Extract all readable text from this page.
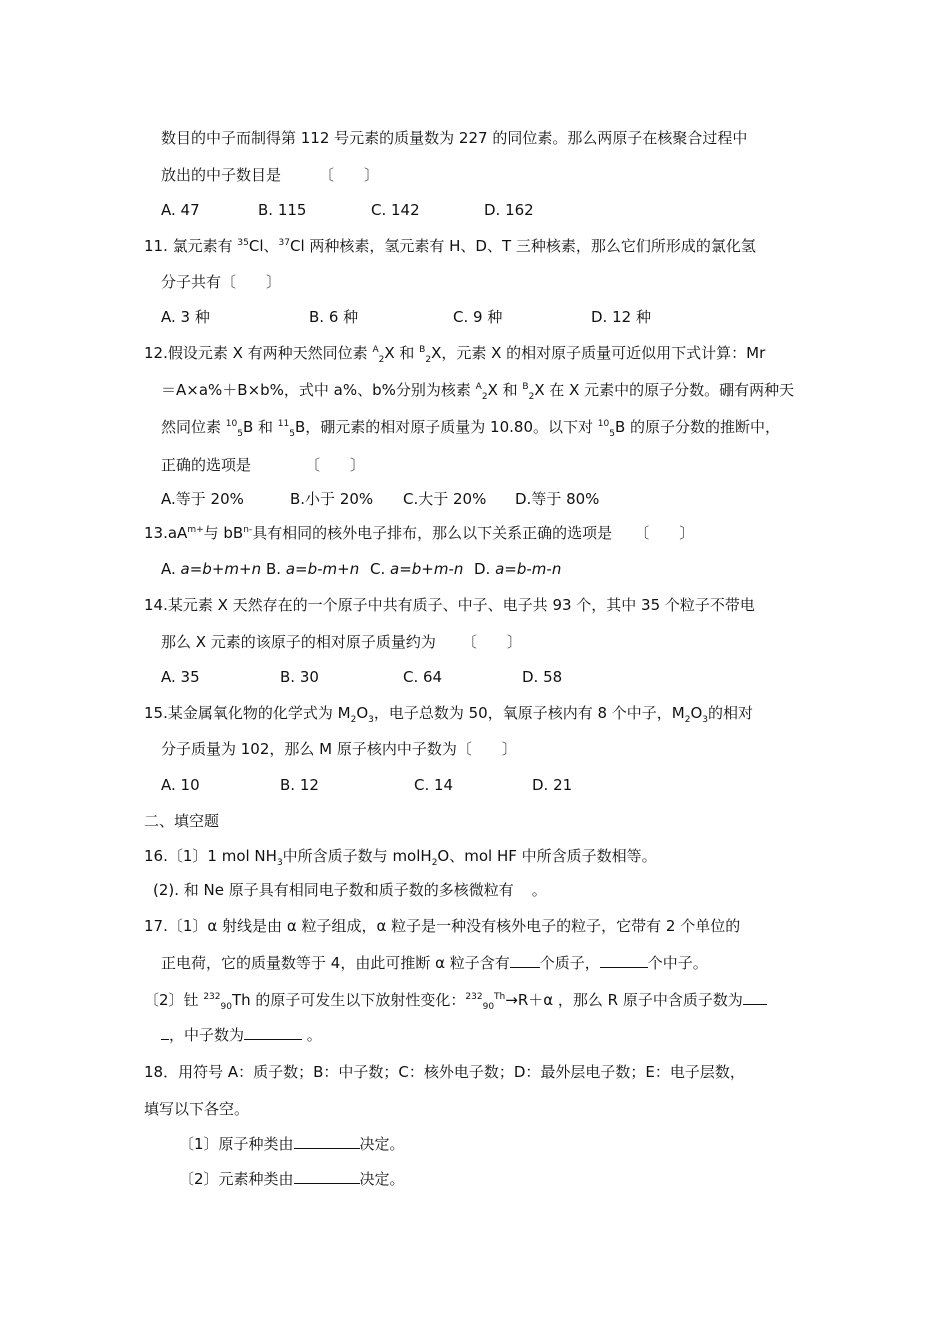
数目的中子而制得第 112 号元素的质量数为 227 的同位素。那么两原子在核聚合过程中
放出的中子数目是	〔　　〕
A. 47	B. 115	C. 142	D. 162
11. 氯元素有 $^{35}$Cl、$^{37}$Cl 两种核素，氢元素有 H、D、T 三种核素，那么它们所形成的氯化氢
分子共有〔　　〕
A. 3 种	B. 6 种	C. 9 种	D. 12 种
12.假设元素 X 有两种天然同位素 $^A_2$X 和 $^B_2$X，元素 X 的相对原子质量可近似用下式计算：Mr
＝A×a%＋B×b%，式中 a%、b%分别为核素 $^A_2$X 和 $^B_2$X 在 X 元素中的原子分数。硼有两种天
然同位素 $^{10}_5$B 和 $^{11}_5$B，硼元素的相对原子质量为 10.80。以下对 $^{10}_5$B 的原子分数的推断中，
正确的选项是	〔　　〕
A.等于 20%	B.小于 20% C.大于 20% D.等于 80%
$13.aA^{m+}$与 $bB^{n-}$具有相同的核外电子排布，那么以下关系正确的选项是 〔　　〕
A. a=b+m+n B. a=b-m+n C. a=b+m-n D. a=b-m-n
14.某元素 X 天然存在的一个原子中共有质子、中子、电子共 93 个，其中 35 个粒子不带电
那么 X 元素的该原子的相对原子质量约为 〔　　〕
A. 35	B. 30	C. 64	D. 58
15.某金属氧化物的化学式为 $M_2O_3$，电子总数为 50，氧原子核内有 8 个中子，$M_2O_3$的相对
分子质量为 102，那么 M 原子核内中子数为〔　　〕
A. 10	B. 12	C. 14	D. 21
二、填空题
16.〔1〕1 mol $NH_3$中所含质子数与 molH$_2$O、mol HF 中所含质子数相等。
(2). 和 Ne 原子具有相同电子数和质子数的多核微粒有 。
17.〔1〕α 射线是由 α 粒子组成，α 粒子是一种没有核外电子的粒子，它带有 2 个单位的
正电荷，它的质量数等于 4，由此可推断 α 粒子含有 个质子，	个中子。
〔2〕钍 $^{232}_{90}$Th 的原子可发生以下放射性变化：$^{232}_{90}^{Th}$→R＋α ，那么 R 原子中含质子数为
，中子数为	。
18．用符号 A：质子数；B：中子数；C：核外电子数；D：最外层电子数；E：电子层数，
填写以下各空。
〔1〕原子种类由	决定。
〔2〕元素种类由	决定。
